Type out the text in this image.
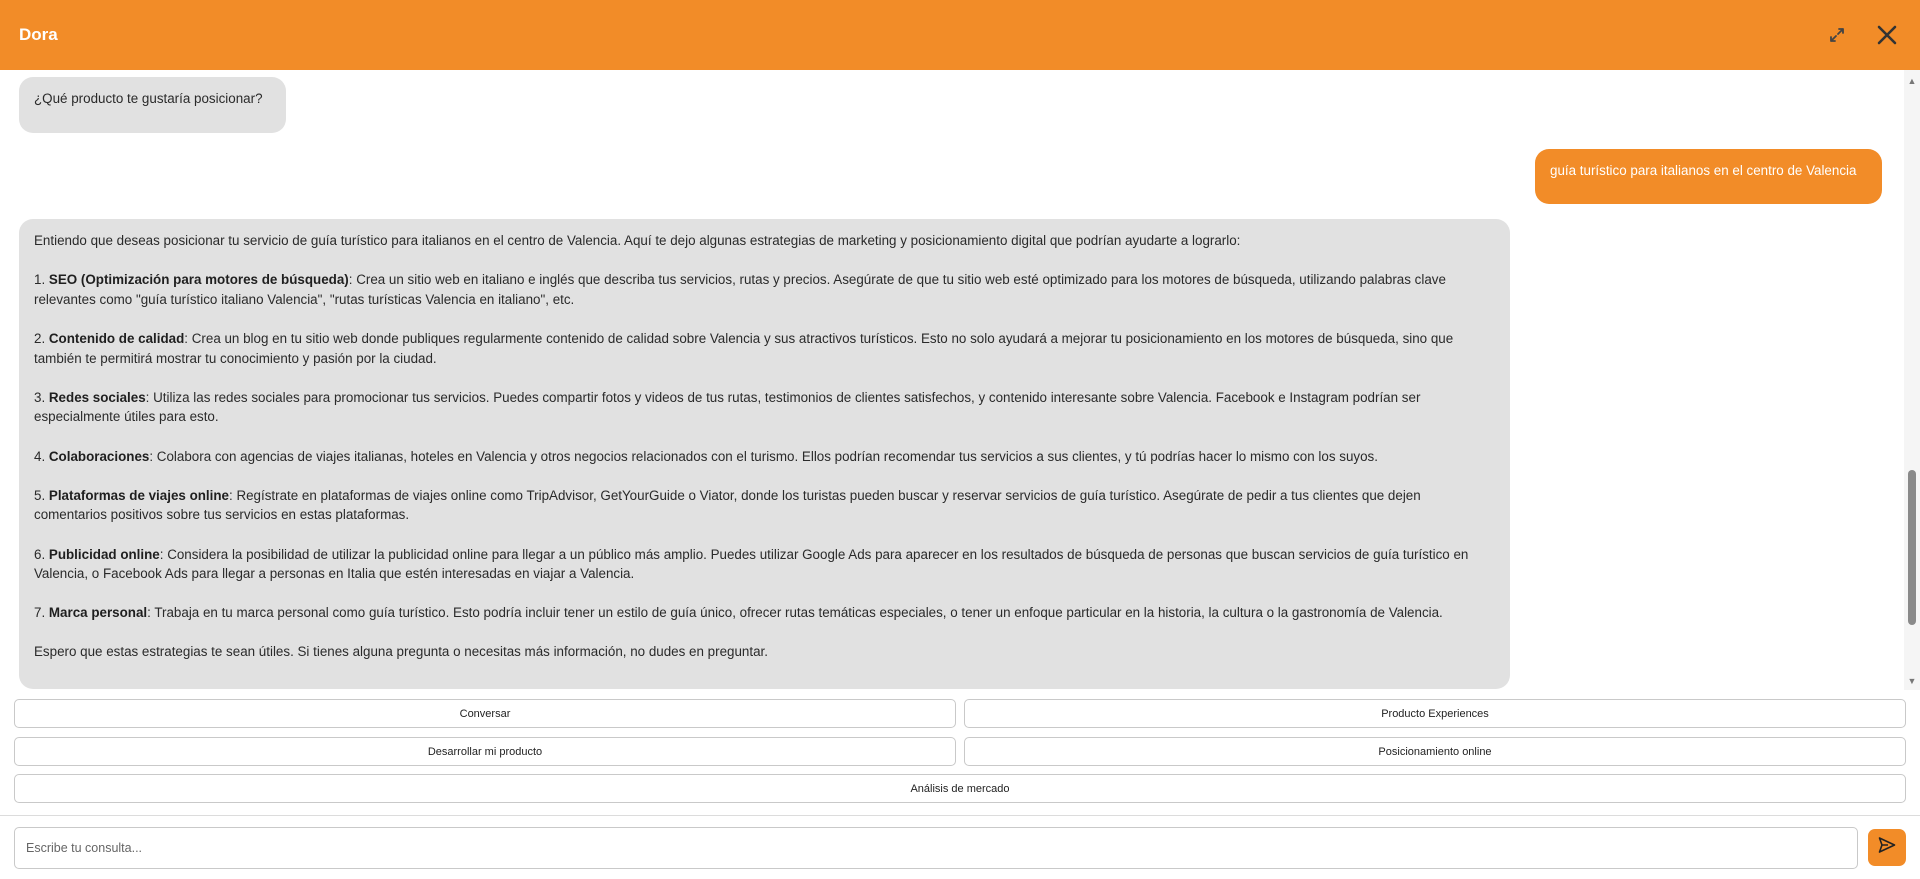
Dora
¿Qué producto te gustaría posicionar?
guía turístico para italianos en el centro de Valencia

Entiendo que deseas posicionar tu servicio de guía turístico para italianos en el centro de Valencia. Aquí te dejo algunas estrategias de marketing y posicionamiento digital que podrían ayudarte a lograrlo:

1. SEO (Optimización para motores de búsqueda): Crea un sitio web en italiano e inglés que describa tus servicios, rutas y precios. Asegúrate de que tu sitio web esté optimizado para los motores de búsqueda, utilizando palabras clave relevantes como "guía turístico italiano Valencia", "rutas turísticas Valencia en italiano", etc.

2. Contenido de calidad: Crea un blog en tu sitio web donde publiques regularmente contenido de calidad sobre Valencia y sus atractivos turísticos. Esto no solo ayudará a mejorar tu posicionamiento en los motores de búsqueda, sino que también te permitirá mostrar tu conocimiento y pasión por la ciudad.

3. Redes sociales: Utiliza las redes sociales para promocionar tus servicios. Puedes compartir fotos y videos de tus rutas, testimonios de clientes satisfechos, y contenido interesante sobre Valencia. Facebook e Instagram podrían ser especialmente útiles para esto.

4. Colaboraciones: Colabora con agencias de viajes italianas, hoteles en Valencia y otros negocios relacionados con el turismo. Ellos podrían recomendar tus servicios a sus clientes, y tú podrías hacer lo mismo con los suyos.

5. Plataformas de viajes online: Regístrate en plataformas de viajes online como TripAdvisor, GetYourGuide o Viator, donde los turistas pueden buscar y reservar servicios de guía turístico. Asegúrate de pedir a tus clientes que dejen comentarios positivos sobre tus servicios en estas plataformas.

6. Publicidad online: Considera la posibilidad de utilizar la publicidad online para llegar a un público más amplio. Puedes utilizar Google Ads para aparecer en los resultados de búsqueda de personas que buscan servicios de guía turístico en Valencia, o Facebook Ads para llegar a personas en Italia que estén interesadas en viajar a Valencia.

7. Marca personal: Trabaja en tu marca personal como guía turístico. Esto podría incluir tener un estilo de guía único, ofrecer rutas temáticas especiales, o tener un enfoque particular en la historia, la cultura o la gastronomía de Valencia.

Espero que estas estrategias te sean útiles. Si tienes alguna pregunta o necesitas más información, no dudes en preguntar.

▲
▼
Conversar	Producto Experiences
Desarrollar mi producto	Posicionamiento online
Análisis de mercado
Escribe tu consulta...
